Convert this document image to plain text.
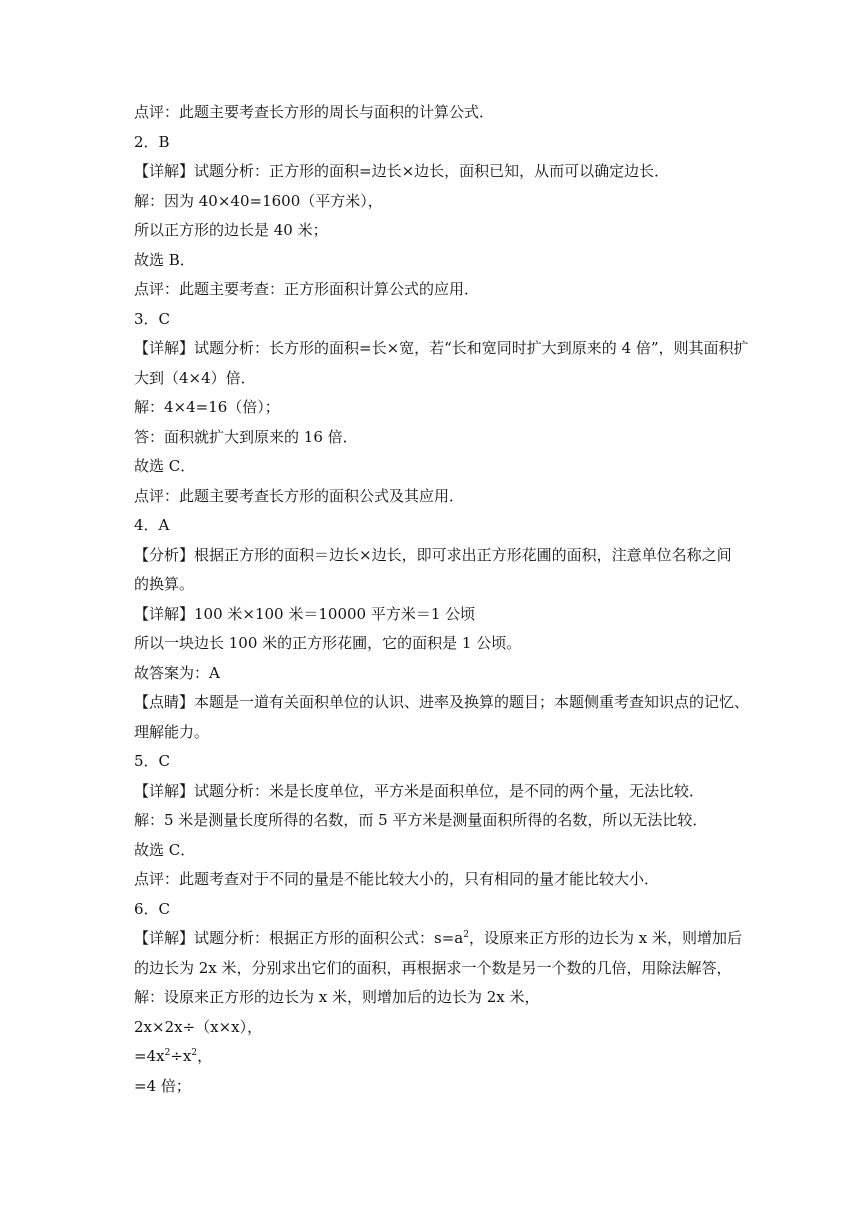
点评：此题主要考查长方形的周长与面积的计算公式．
2．B
【详解】试题分析：正方形的面积=边长×边长，面积已知，从而可以确定边长．
解：因为 40×40=1600（平方米），
所以正方形的边长是 40 米；
故选 B．
点评：此题主要考查：正方形面积计算公式的应用．
3．C
【详解】试题分析：长方形的面积=长×宽，若“长和宽同时扩大到原来的 4 倍”，则其面积扩
大到（4×4）倍．
解：4×4=16（倍）；
答：面积就扩大到原来的 16 倍．
故选 C．
点评：此题主要考查长方形的面积公式及其应用．
4．A
【分析】根据正方形的面积＝边长×边长，即可求出正方形花圃的面积，注意单位名称之间
的换算。
【详解】100 米×100 米＝10000 平方米＝1 公顷
所以一块边长 100 米的正方形花圃，它的面积是 1 公顷。
故答案为：A
【点睛】本题是一道有关面积单位的认识、进率及换算的题目；本题侧重考查知识点的记忆、
理解能力。
5．C
【详解】试题分析：米是长度单位，平方米是面积单位，是不同的两个量，无法比较．
解：5 米是测量长度所得的名数，而 5 平方米是测量面积所得的名数，所以无法比较．
故选 C．
点评：此题考查对于不同的量是不能比较大小的，只有相同的量才能比较大小．
6．C
【详解】试题分析：根据正方形的面积公式：$s=a^2$，设原来正方形的边长为 x 米，则增加后
的边长为 2x 米，分别求出它们的面积，再根据求一个数是另一个数的几倍，用除法解答，
解：设原来正方形的边长为 x 米，则增加后的边长为 2x 米，
2x×2x÷（x×x），
$=4x^2\div x^2$，
=4 倍；
